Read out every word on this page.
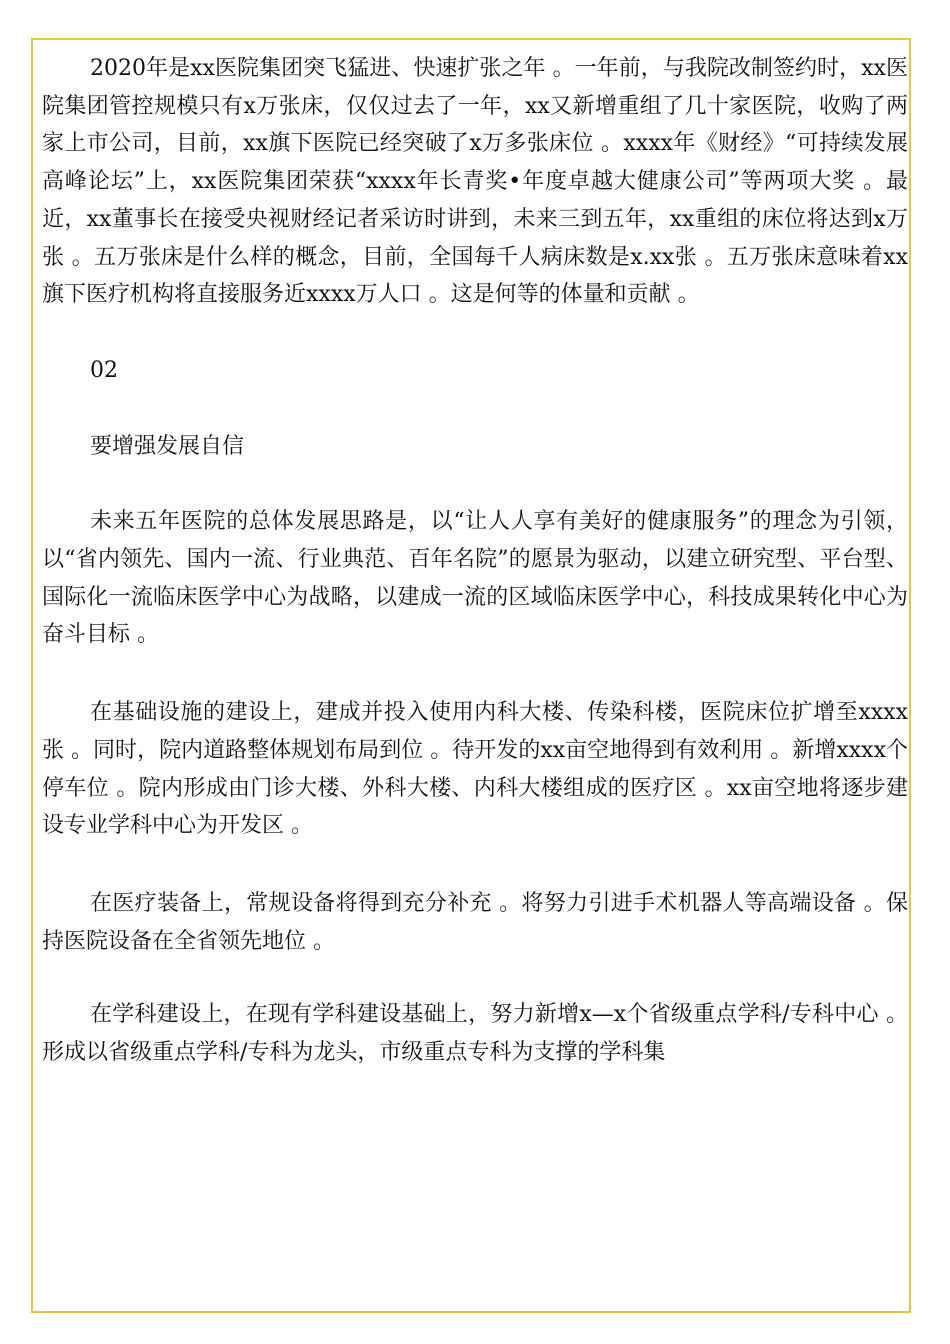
2020年是xx医院集团突飞猛进、快速扩张之年 。一年前，与我院改制签约时，xx医院集团管控规模只有x万张床，仅仅过去了一年，xx又新增重组了几十家医院，收购了两家上市公司，目前，xx旗下医院已经突破了x万多张床位 。xxxx年《财经》“可持续发展高峰论坛”上，xx医院集团荣获“xxxx年长青奖•年度卓越大健康公司”等两项大奖 。最近，xx董事长在接受央视财经记者采访时讲到，未来三到五年，xx重组的床位将达到x万张 。五万张床是什么样的概念，目前，全国每千人病床数是x.xx张 。五万张床意味着xx旗下医疗机构将直接服务近xxxx万人口 。这是何等的体量和贡献 。

02

要增强发展自信

未来五年医院的总体发展思路是，以“让人人享有美好的健康服务”的理念为引领，以“省内领先、国内一流、行业典范、百年名院”的愿景为驱动，以建立研究型、平台型、国际化一流临床医学中心为战略，以建成一流的区域临床医学中心，科技成果转化中心为奋斗目标 。

在基础设施的建设上，建成并投入使用内科大楼、传染科楼，医院床位扩增至xxxx张 。同时，院内道路整体规划布局到位 。待开发的xx亩空地得到有效利用 。新增xxxx个停车位 。院内形成由门诊大楼、外科大楼、内科大楼组成的医疗区 。xx亩空地将逐步建设专业学科中心为开发区 。

在医疗装备上，常规设备将得到充分补充 。将努力引进手术机器人等高端设备 。保持医院设备在全省领先地位 。

在学科建设上，在现有学科建设基础上，努力新增x—x个省级重点学科/专科中心 。形成以省级重点学科/专科为龙头，市级重点专科为支撑的学科集
